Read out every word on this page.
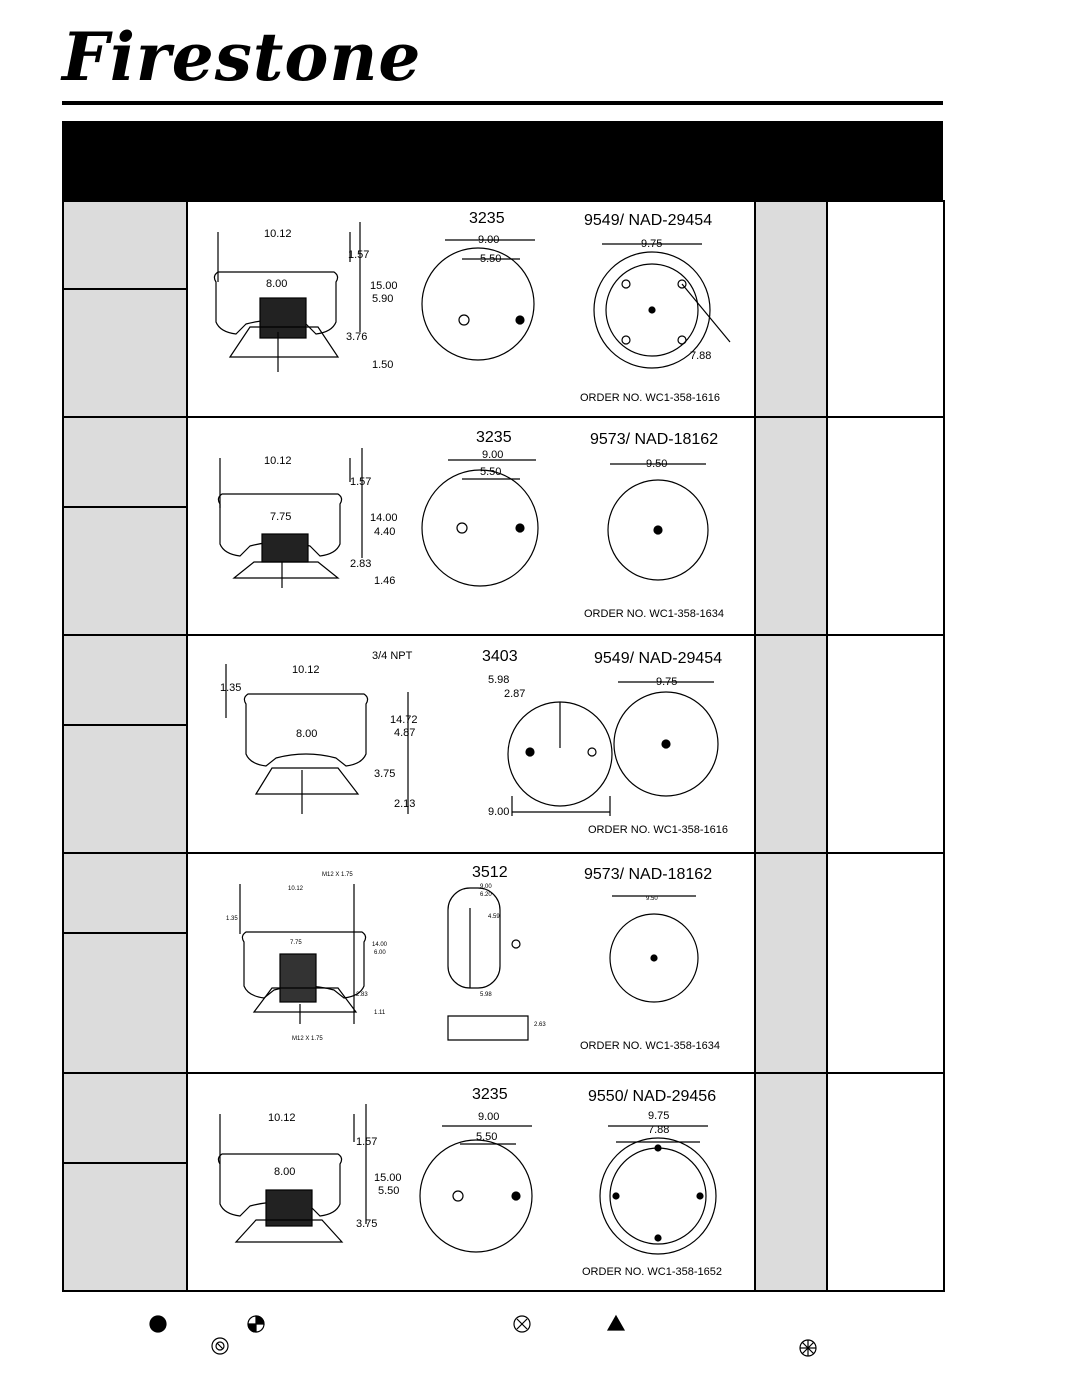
Firestone
10.12
1.57
8.00	15.00
5.90
3.76
1.50
3235
9.00
5.50
9549/ NAD-29454
9.75
7.88
ORDER NO. WC1-358-1616
10.12
1.57
7.75	14.00
4.40
2.83
1.46
3235
9.00
5.50
9573/ NAD-18162
9.50
ORDER NO. WC1-358-1634
3/4 NPT
10.12
1.35
8.00
14.72
4.87
3.75
2.13
3403
5.98
2.87
9.00
9549/ NAD-29454
9.75
ORDER NO. WC1-358-1616
M12 X 1.75
10.12
1.35
7.75	14.00
6.00
2.83
1.11
M12 X 1.75
3512
9.00
6.20
4.59
5.98
2.63
9573/ NAD-18162
9.50
ORDER NO. WC1-358-1634
10.12
1.57
8.00	15.00
5.50
3.75
3235
9.00
5.50
9550/ NAD-29456
9.75
7.88
ORDER NO. WC1-358-1652
